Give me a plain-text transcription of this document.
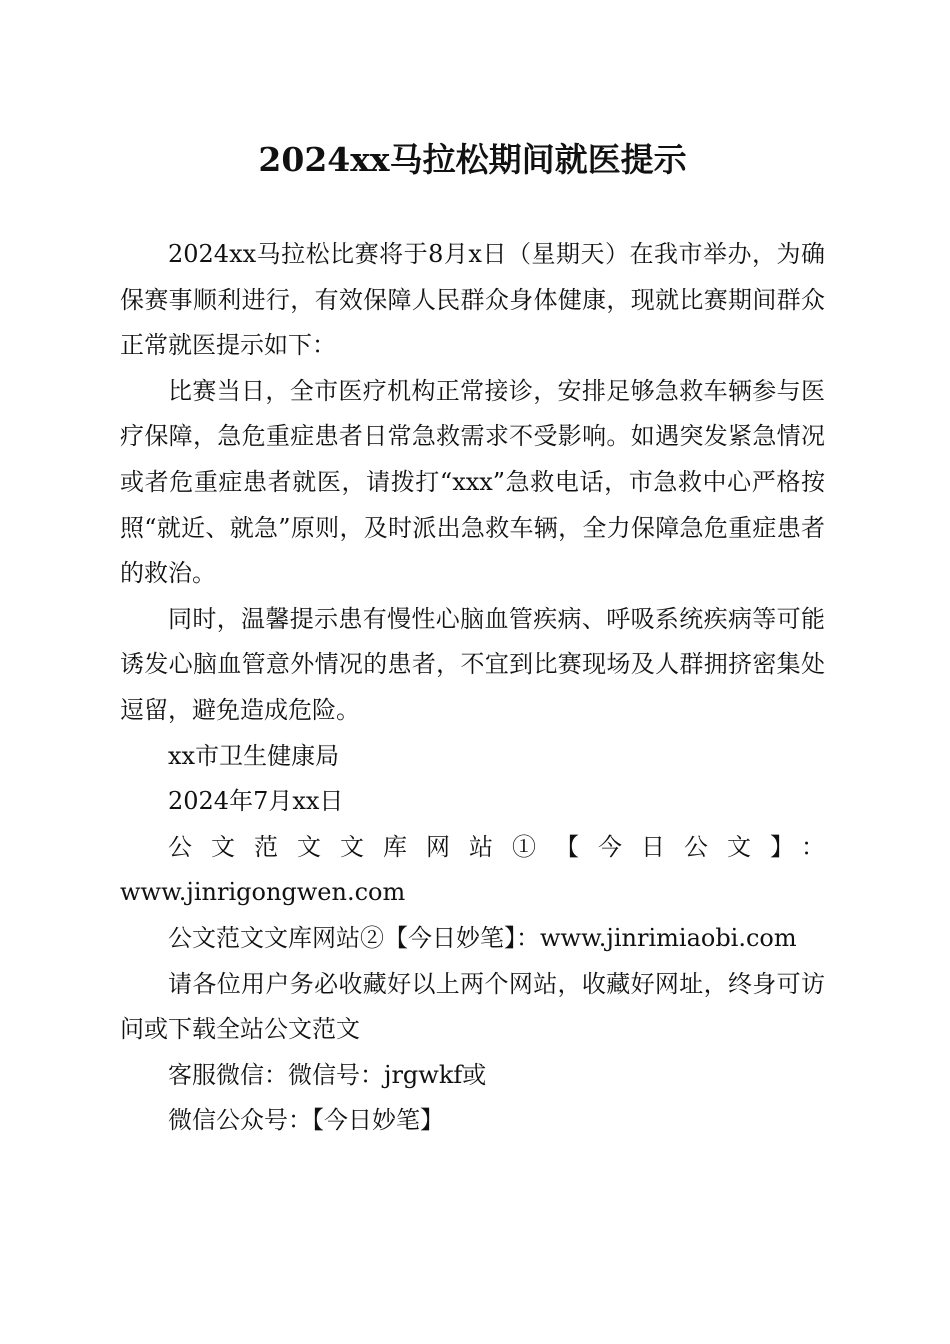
2024xx马拉松期间就医提示

2024xx马拉松比赛将于8月x日（星期天）在我市举办，为确保赛事顺利进行，有效保障人民群众身体健康，现就比赛期间群众正常就医提示如下：

比赛当日，全市医疗机构正常接诊，安排足够急救车辆参与医疗保障，急危重症患者日常急救需求不受影响。如遇突发紧急情况或者危重症患者就医，请拨打“xxx”急救电话，市急救中心严格按照“就近、就急”原则，及时派出急救车辆，全力保障急危重症患者的救治。

同时，温馨提示患有慢性心脑血管疾病、呼吸系统疾病等可能诱发心脑血管意外情况的患者，不宜到比赛现场及人群拥挤密集处逗留，避免造成危险。

xx市卫生健康局

2024年7月xx日

公文范文文库网站①【今日公文】：

www.jinrigongwen.com

公文范文文库网站②【今日妙笔】：www.jinrimiaobi.com

请各位用户务必收藏好以上两个网站，收藏好网址，终身可访问或下载全站公文范文

客服微信：微信号：jrgwkf或

微信公众号：【今日妙笔】
